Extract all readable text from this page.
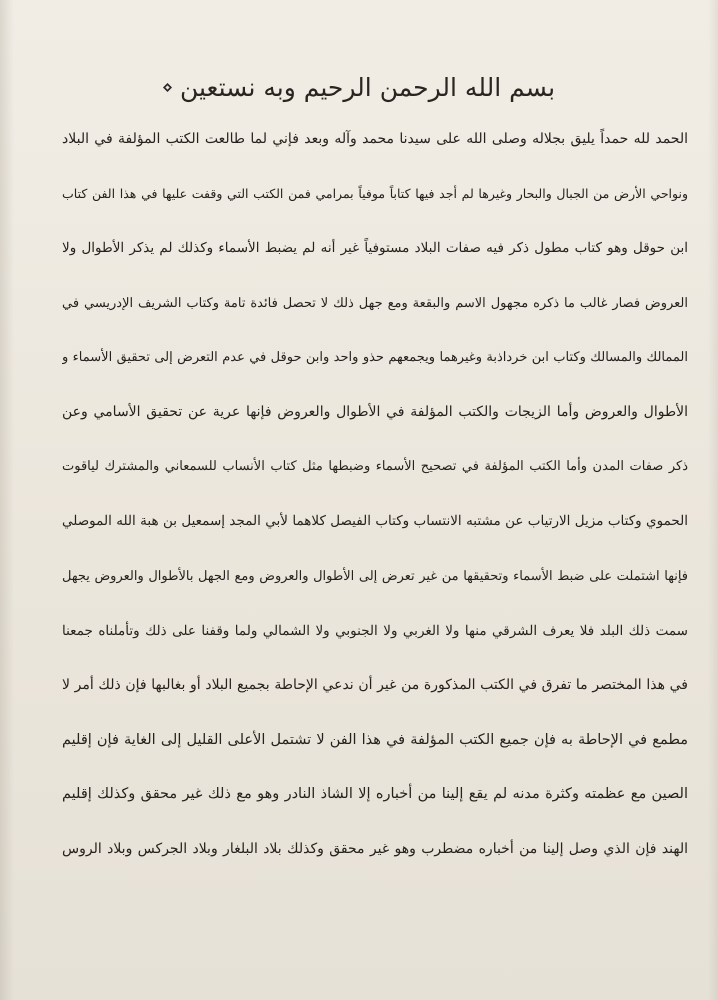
بسم الله الرحمن الرحيم وبه نستعين
الحمد لله حمداً يليق بجلاله وصلى الله على سيدنا محمد وآله وبعد فإني لما طالعت الكتب المؤلفة في البلاد
ونواحي الأرض من الجبال والبحار وغيرها لم أجد فيها كتاباً موفياً بمرامي فمن الكتب التي وقفت عليها في هذا الفن كتاب
ابن حوقل وهو كتاب مطول ذكر فيه صفات البلاد مستوفياً غير أنه لم يضبط الأسماء وكذلك لم يذكر الأطوال ولا
العروض فصار غالب ما ذكره مجهول الاسم والبقعة ومع جهل ذلك لا تحصل فائدة تامة وكتاب الشريف الإدريسي في
الممالك والمسالك وكتاب ابن خرداذبة وغيرهما ويجمعهم حذو واحد وابن حوقل في عدم التعرض إلى تحقيق الأسماء و
الأطوال والعروض وأما الزيجات والكتب المؤلفة في الأطوال والعروض فإنها عرية عن تحقيق الأسامي وعن
ذكر صفات المدن وأما الكتب المؤلفة في تصحيح الأسماء وضبطها مثل كتاب الأنساب للسمعاني والمشترك لياقوت
الحموي وكتاب مزيل الارتياب عن مشتبه الانتساب وكتاب الفيصل كلاهما لأبي المجد إسمعيل بن هبة الله الموصلي
فإنها اشتملت على ضبط الأسماء وتحقيقها من غير تعرض إلى الأطوال والعروض ومع الجهل بالأطوال والعروض يجهل
سمت ذلك البلد فلا يعرف الشرقي منها ولا الغربي ولا الجنوبي ولا الشمالي ولما وقفنا على ذلك وتأملناه جمعنا
في هذا المختصر ما تفرق في الكتب المذكورة من غير أن ندعي الإحاطة بجميع البلاد أو بغالبها فإن ذلك أمر لا
مطمع في الإحاطة به فإن جميع الكتب المؤلفة في هذا الفن لا تشتمل الأعلى القليل إلى الغاية فإن إقليم
الصين مع عظمته وكثرة مدنه لم يقع إلينا من أخباره إلا الشاذ النادر وهو مع ذلك غير محقق وكذلك إقليم
الهند فإن الذي وصل إلينا من أخباره مضطرب وهو غير محقق وكذلك بلاد البلغار وبلاد الجركس وبلاد الروس
